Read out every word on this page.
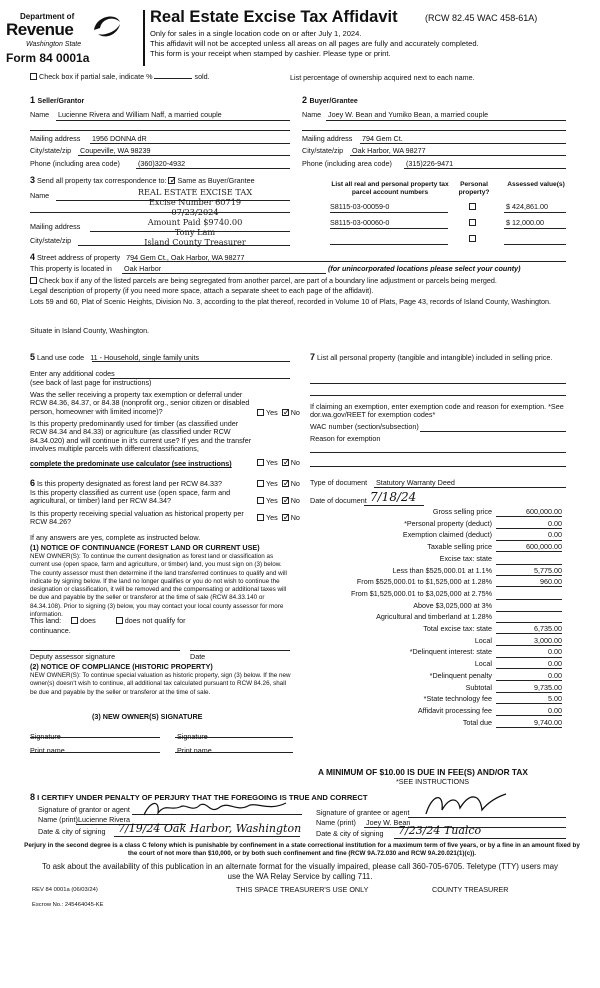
Department of
Revenue
Washington State
Form 84 0001a
Real Estate Excise Tax Affidavit	(RCW 82.45 WAC 458-61A)
Only for sales in a single location code on or after July 1, 2024.
This affidavit will not be accepted unless all areas on all pages are fully and accurately completed.
This form is your receipt when stamped by cashier. Please type or print.
Check box if partial sale, indicate %	sold.	List percentage of ownership acquired next to each name.
1 Seller/Grantor
Name Lucienne Rivera and William Naff, a married couple
Mailing address 1956 DONNA dR
City/state/zip Coupeville, WA 98239
Phone (including area code)	(360)320-4932
2 Buyer/Grantee
Name Joey W. Bean and Yumiko Bean, a married couple
Mailing address 794 Gem Ct.
City/state/zip Oak Harbor, WA 98277
Phone (including area code) (315)226-9471
3 Send all property tax correspondence to: ✓ Same as Buyer/Grantee
Name
Mailing address
City/state/zip
REAL ESTATE EXCISE TAX
Excise Number 60719
07/23/2024
Amount Paid $9740.00
Tony Lam
Island County Treasurer
List all real and personal property tax parcel account numbers
Personal property?
Assessed value(s)
S8115-03-00059-0	$ 424,861.00
S8115-03-00060-0	$ 12,000.00
4 Street address of property 794 Gem Ct., Oak Harbor, WA 98277
This property is located in Oak Harbor	(for unincorporated locations please select your county)
Check box if any of the listed parcels are being segregated from another parcel, are part of a boundary line adjustment or parcels being merged.
Legal description of property (if you need more space, attach a separate sheet to each page of the affidavit).
Lots 59 and 60, Plat of Scenic Heights, Division No. 3, according to the plat thereof, recorded in Volume 10 of Plats, Page 43, records of Island County, Washington.
Situate in Island County, Washington.
5 Land use code 11 - Household, single family units
Enter any additional codes
(see back of last page for instructions)
Was the seller receiving a property tax exemption or deferral under RCW 84.36, 84.37, or 84.38 (nonprofit org., senior citizen or disabled person, homeowner with limited income)?	Yes ✓ No
Is this property predominantly used for timber (as classified under RCW 84.34 and 84.33) or agriculture (as classified under RCW 84.34.020) and will continue in it's current use? If yes and the transfer involves multiple parcels with different classifications,
complete the predominate use calculator (see instructions)	Yes ✓ No
7 List all personal property (tangible and intangible) included in selling price.
If claiming an exemption, enter exemption code and reason for exemption. *See dor.wa.gov/REET for exemption codes*
WAC number (section/subsection)
Reason for exemption
6 Is this property designated as forest land per RCW 84.33?	Yes ✓ No
Is this property classified as current use (open space, farm and agricultural, or timber) land per RCW 84.34?	Yes ✓ No
Is this property receiving special valuation as historical property per RCW 84.26?	Yes ✓ No
If any answers are yes, complete as instructed below.
(1) NOTICE OF CONTINUANCE (FOREST LAND OR CURRENT USE)
NEW OWNER(S): To continue the current designation as forest land or classification as current use (open space, farm and agriculture, or timber) land, you must sign on (3) below. The county assessor must then determine if the land transferred continues to qualify and will indicate by signing below. If the land no longer qualifies or you do not wish to continue the designation or classification, it will be removed and the compensating or additional taxes will be due and payable by the seller or transferor at the time of sale (RCW 84.33.140 or 84.34.108). Prior to signing (3) below, you may contact your local county assessor for more information.
This land:	does	does not qualify for
continuance.
Deputy assessor signature	Date
(2) NOTICE OF COMPLIANCE (HISTORIC PROPERTY)
NEW OWNER(S): To continue special valuation as historic property, sign (3) below. If the new owner(s) doesn't wish to continue, all additional tax calculated pursuant to RCW 84.26, shall be due and payable by the seller or transferor at the time of sale.
(3) NEW OWNER(S) SIGNATURE
Signature	Signature
Print name	Print name
Type of document Statutory Warranty Deed
Date of document 7/18/24
Gross selling price	600,000.00
*Personal property (deduct)	0.00
Exemption claimed (deduct)	0.00
Taxable selling price	600,000.00
Excise tax: state
Less than $525,000.01 at 1.1%	5,775.00
From $525,000.01 to $1,525,000 at 1.28%	960.00
From $1,525,000.01 to $3,025,000 at 2.75%
Above $3,025,000 at 3%
Agricultural and timberland at 1.28%
Total excise tax: state	6,735.00
Local	3,000.00
*Delinquent interest: state	0.00
Local	0.00
*Delinquent penalty	0.00
Subtotal	9,735.00
*State technology fee	5.00
Affidavit processing fee	0.00
Total due	9,740.00
A MINIMUM OF $10.00 IS DUE IN FEE(S) AND/OR TAX
*SEE INSTRUCTIONS
8 I CERTIFY UNDER PENALTY OF PERJURY THAT THE FOREGOING IS TRUE AND CORRECT
Signature of grantor or agent
Name (print) Lucienne Rivera
Date & city of signing 7/19/24 Oak Harbor, Washington
Signature of grantee or agent
Name (print) Joey W. Bean
Date & city of signing 7/23/24 Tualco
Perjury in the second degree is a class C felony which is punishable by confinement in a state correctional institution for a maximum term of five years, or by a fine in an amount fixed by the court of not more than $10,000, or by both such confinement and fine (RCW 9A.72.030 and RCW 9A.20.021(1)(c)).
To ask about the availability of this publication in an alternate format for the visually impaired, please call 360-705-6705. Teletype (TTY) users may use the WA Relay Service by calling 711.
REV 84 0001a (06/03/24)	THIS SPACE TREASURER'S USE ONLY	COUNTY TREASURER
Escrow No.: 245464045-KE
